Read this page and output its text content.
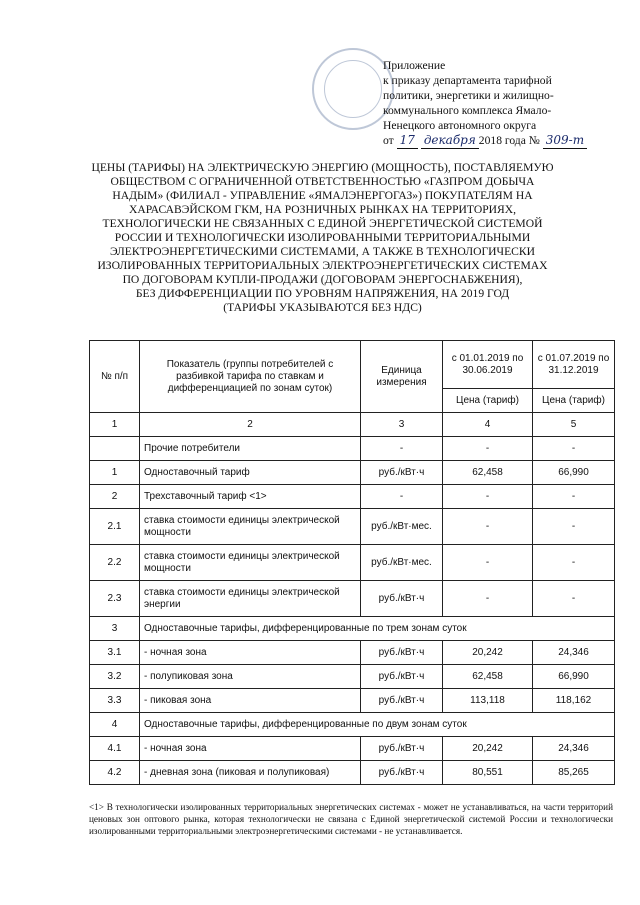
Приложение
к приказу департамента тарифной
политики, энергетики и жилищно-
коммунального комплекса Ямало-
Ненецкого автономного округа
от 17 декабря 2018 года № 309-т
ЦЕНЫ (ТАРИФЫ) НА ЭЛЕКТРИЧЕСКУЮ ЭНЕРГИЮ (МОЩНОСТЬ), ПОСТАВЛЯЕМУЮ
ОБЩЕСТВОМ С ОГРАНИЧЕННОЙ ОТВЕТСТВЕННОСТЬЮ «ГАЗПРОМ ДОБЫЧА
НАДЫМ» (ФИЛИАЛ - УПРАВЛЕНИЕ «ЯМАЛЭНЕРГОГАЗ») ПОКУПАТЕЛЯМ НА
ХАРАСАВЭЙСКОМ ГКМ, НА РОЗНИЧНЫХ РЫНКАХ НА ТЕРРИТОРИЯХ,
ТЕХНОЛОГИЧЕСКИ НЕ СВЯЗАННЫХ С ЕДИНОЙ ЭНЕРГЕТИЧЕСКОЙ СИСТЕМОЙ
РОССИИ И ТЕХНОЛОГИЧЕСКИ ИЗОЛИРОВАННЫМИ ТЕРРИТОРИАЛЬНЫМИ
ЭЛЕКТРОЭНЕРГЕТИЧЕСКИМИ СИСТЕМАМИ, А ТАКЖЕ В ТЕХНОЛОГИЧЕСКИ
ИЗОЛИРОВАННЫХ ТЕРРИТОРИАЛЬНЫХ ЭЛЕКТРОЭНЕРГЕТИЧЕСКИХ СИСТЕМАХ
ПО ДОГОВОРАМ КУПЛИ-ПРОДАЖИ (ДОГОВОРАМ ЭНЕРГОСНАБЖЕНИЯ),
БЕЗ ДИФФЕРЕНЦИАЦИИ ПО УРОВНЯМ НАПРЯЖЕНИЯ, НА 2019 ГОД
(ТАРИФЫ УКАЗЫВАЮТСЯ БЕЗ НДС)
№ п/п	Показатель (группы потребителей с разбивкой тарифа по ставкам и дифференциацией по зонам суток)	Единица измерения	с 01.01.2019 по 30.06.2019	с 01.07.2019 по 31.12.2019
			Цена (тариф)	Цена (тариф)
1	2	3	4	5
	Прочие потребители	-	-	-
1	Одноставочный тариф	руб./кВт·ч	62,458	66,990
2	Трехставочный тариф <1>	-	-	-
2.1	ставка стоимости единицы электрической мощности	руб./кВт·мес.	-	-
2.2	ставка стоимости единицы электрической мощности	руб./кВт·мес.	-	-
2.3	ставка стоимости единицы электрической энергии	руб./кВт·ч	-	-
3	Одноставочные тарифы, дифференцированные по трем зонам суток			
3.1	- ночная зона	руб./кВт·ч	20,242	24,346
3.2	- полупиковая зона	руб./кВт·ч	62,458	66,990
3.3	- пиковая зона	руб./кВт·ч	113,118	118,162
4	Одноставочные тарифы, дифференцированные по двум зонам суток			
4.1	- ночная зона	руб./кВт·ч	20,242	24,346
4.2	- дневная зона (пиковая и полупиковая)	руб./кВт·ч	80,551	85,265
<1> В технологически изолированных территориальных энергетических системах - может не устанавливаться, на части территорий ценовых зон оптового рынка, которая технологически не связана с Единой энергетической системой России и технологически изолированными территориальными электроэнергетическими системами - не устанавливается.
